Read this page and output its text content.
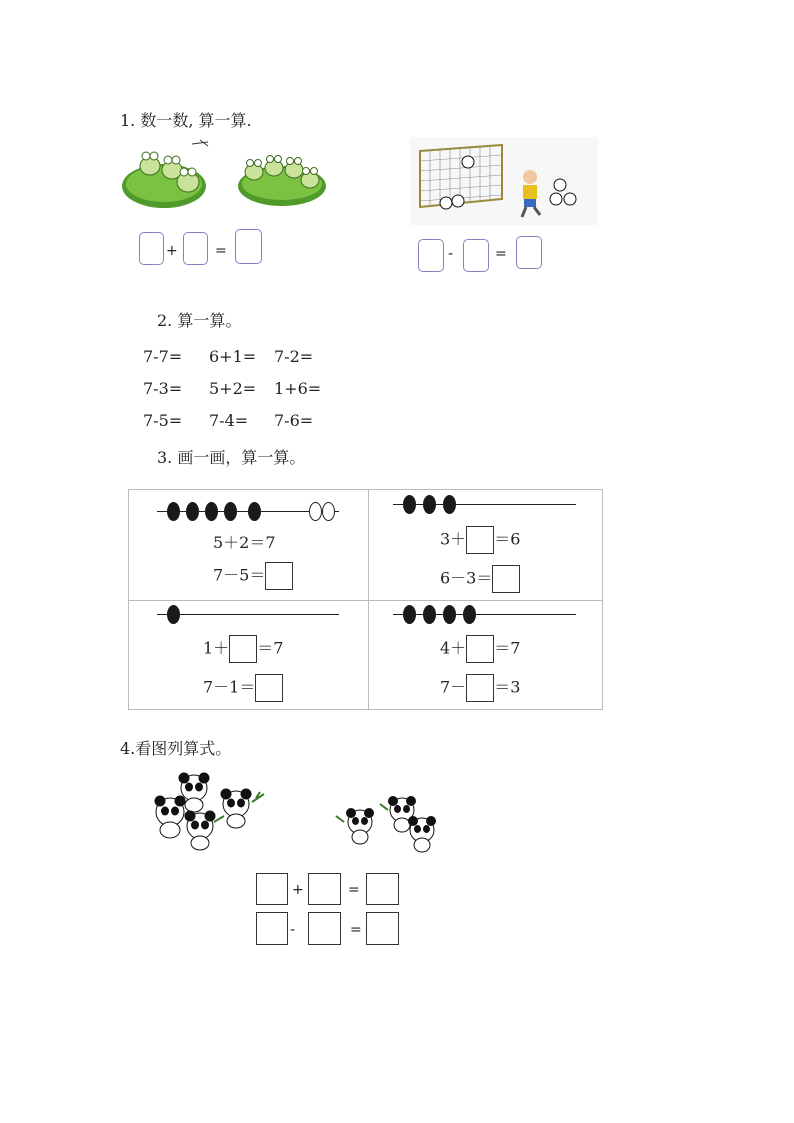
1. 数一数, 算一算.
+	=	-	=
2. 算一算。
7-7= 6+1= 7-2=
7-3= 5+2= 1+6=
7-5= 7-4= 7-6=
3. 画一画，算一算。
5＋2＝7
7－5＝
3＋ ＝6
6－3＝
1＋ ＝7
7－1＝
4＋ ＝7
7－ ＝3
4.看图列算式。
+	=
-	=
